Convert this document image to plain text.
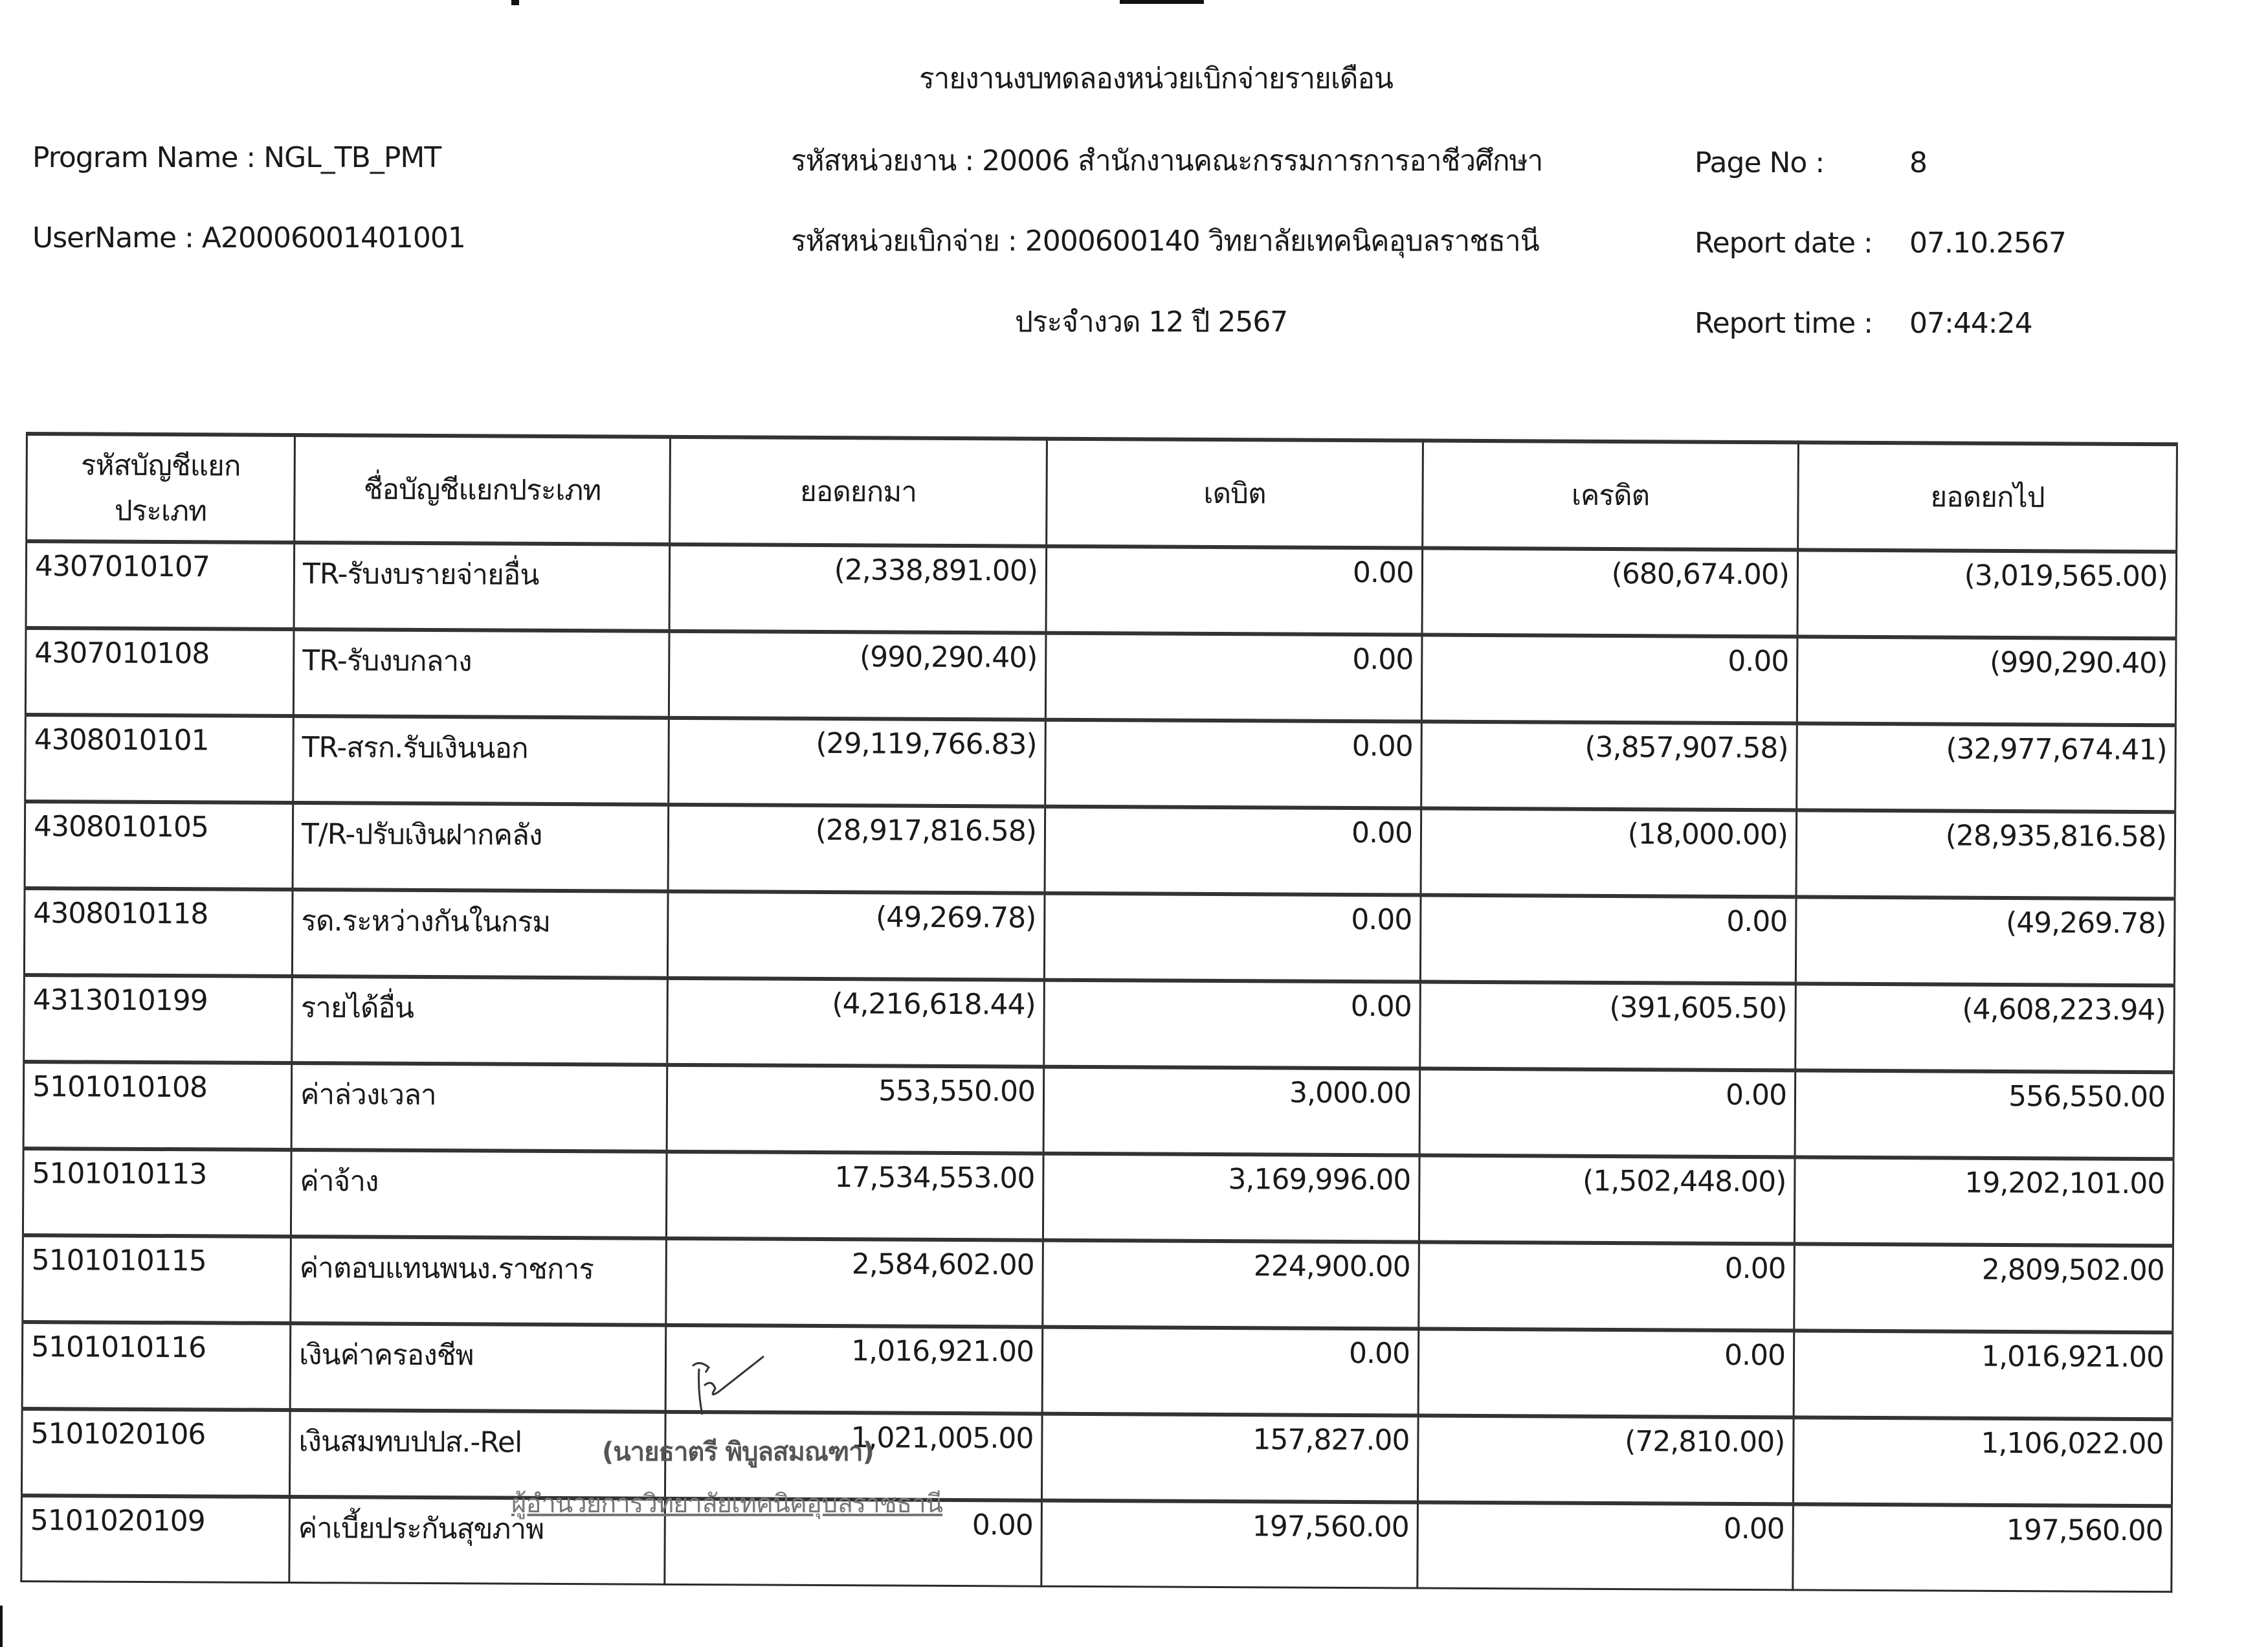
รายงานงบทดลองหน่วยเบิกจ่ายรายเดือน
Program Name : NGL_TB_PMT
UserName : A20006001401001
รหัสหน่วยงาน : 20006 สำนักงานคณะกรรมการการอาชีวศึกษา
รหัสหน่วยเบิกจ่าย : 2000600140 วิทยาลัยเทคนิคอุบลราชธานี
ประจำงวด 12 ปี 2567
Page No :	8
Report date : 07.10.2567
Report time : 07:44:24
รหัสบัญชีแยกประเภท	ชื่อบัญชีแยกประเภท	ยอดยกมา	เดบิต	เครดิต	ยอดยกไป
4307010107	TR-รับงบรายจ่ายอื่น	(2,338,891.00)	0.00	(680,674.00)	(3,019,565.00)
4307010108	TR-รับงบกลาง	(990,290.40)	0.00	0.00	(990,290.40)
4308010101	TR-สรก.รับเงินนอก	(29,119,766.83)	0.00	(3,857,907.58)	(32,977,674.41)
4308010105	T/R-ปรับเงินฝากคลัง	(28,917,816.58)	0.00	(18,000.00)	(28,935,816.58)
4308010118	รด.ระหว่างกันในกรม	(49,269.78)	0.00	0.00	(49,269.78)
4313010199	รายได้อื่น	(4,216,618.44)	0.00	(391,605.50)	(4,608,223.94)
5101010108	ค่าล่วงเวลา	553,550.00	3,000.00	0.00	556,550.00
5101010113	ค่าจ้าง	17,534,553.00	3,169,996.00	(1,502,448.00)	19,202,101.00
5101010115	ค่าตอบแทนพนง.ราชการ	2,584,602.00	224,900.00	0.00	2,809,502.00
5101010116	เงินค่าครองชีพ	1,016,921.00	0.00	0.00	1,016,921.00
5101020106	เงินสมทบปปส.-Rel	1,021,005.00	157,827.00	(72,810.00)	1,106,022.00
5101020109	ค่าเบี้ยประกันสุขภาพ	0.00	197,560.00	0.00	197,560.00
(นายธาตรี พิบูลสมณฑา)
ผู้อำนวยการวิทยาลัยเทคนิคอุบลราชธานี
